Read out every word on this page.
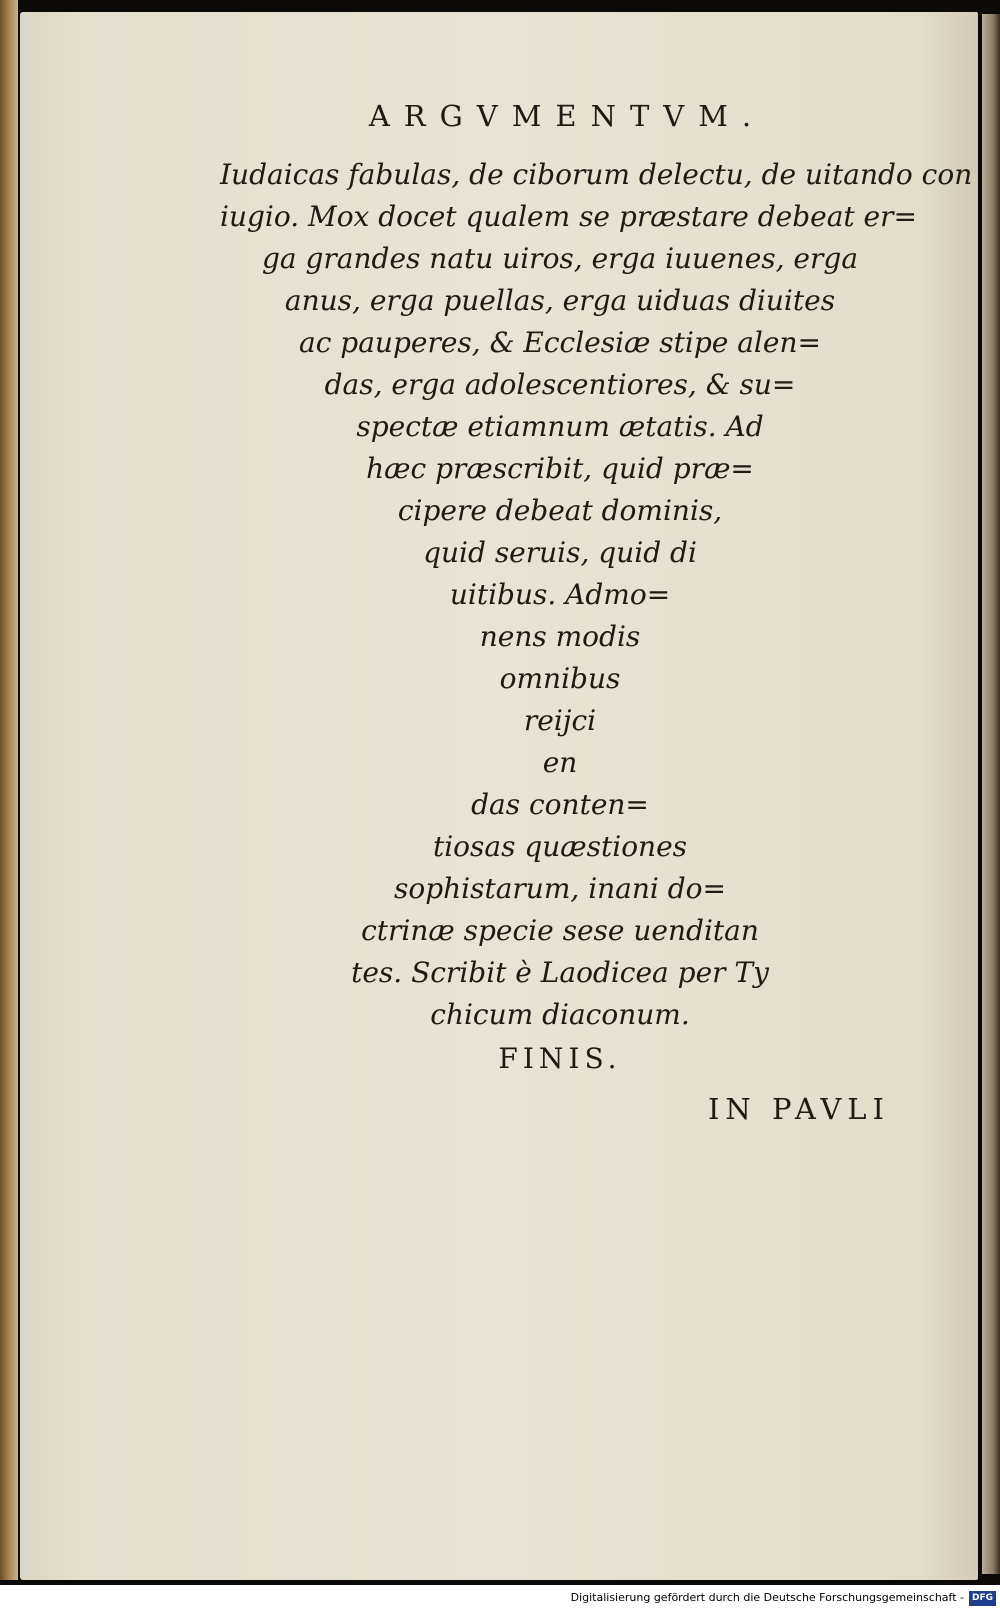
ARGVMENTVM.
Iudaicas fabulas, de ciborum delectu, de uitando con
iugio. Mox docet qualem se præstare debeat er=
ga grandes natu uiros, erga iuuenes, erga
anus, erga puellas, erga uiduas diuites
ac pauperes, & Ecclesiæ stipe alen=
das, erga adolescentiores, & su=
spectæ etiamnum ætatis. Ad
hæc præscribit, quid præ=
cipere debeat dominis,
quid seruis, quid di
uitibus. Admo=
nens modis
omnibus
reijci
en
das conten=
tiosas quæstiones
sophistarum, inani do=
ctrinæ specie sese uenditan
tes. Scribit è Laodicea per Ty
chicum diaconum.
FINIS.
IN PAVLI
Digitalisierung gefördert durch die Deutsche Forschungsgemeinschaft - DFG
